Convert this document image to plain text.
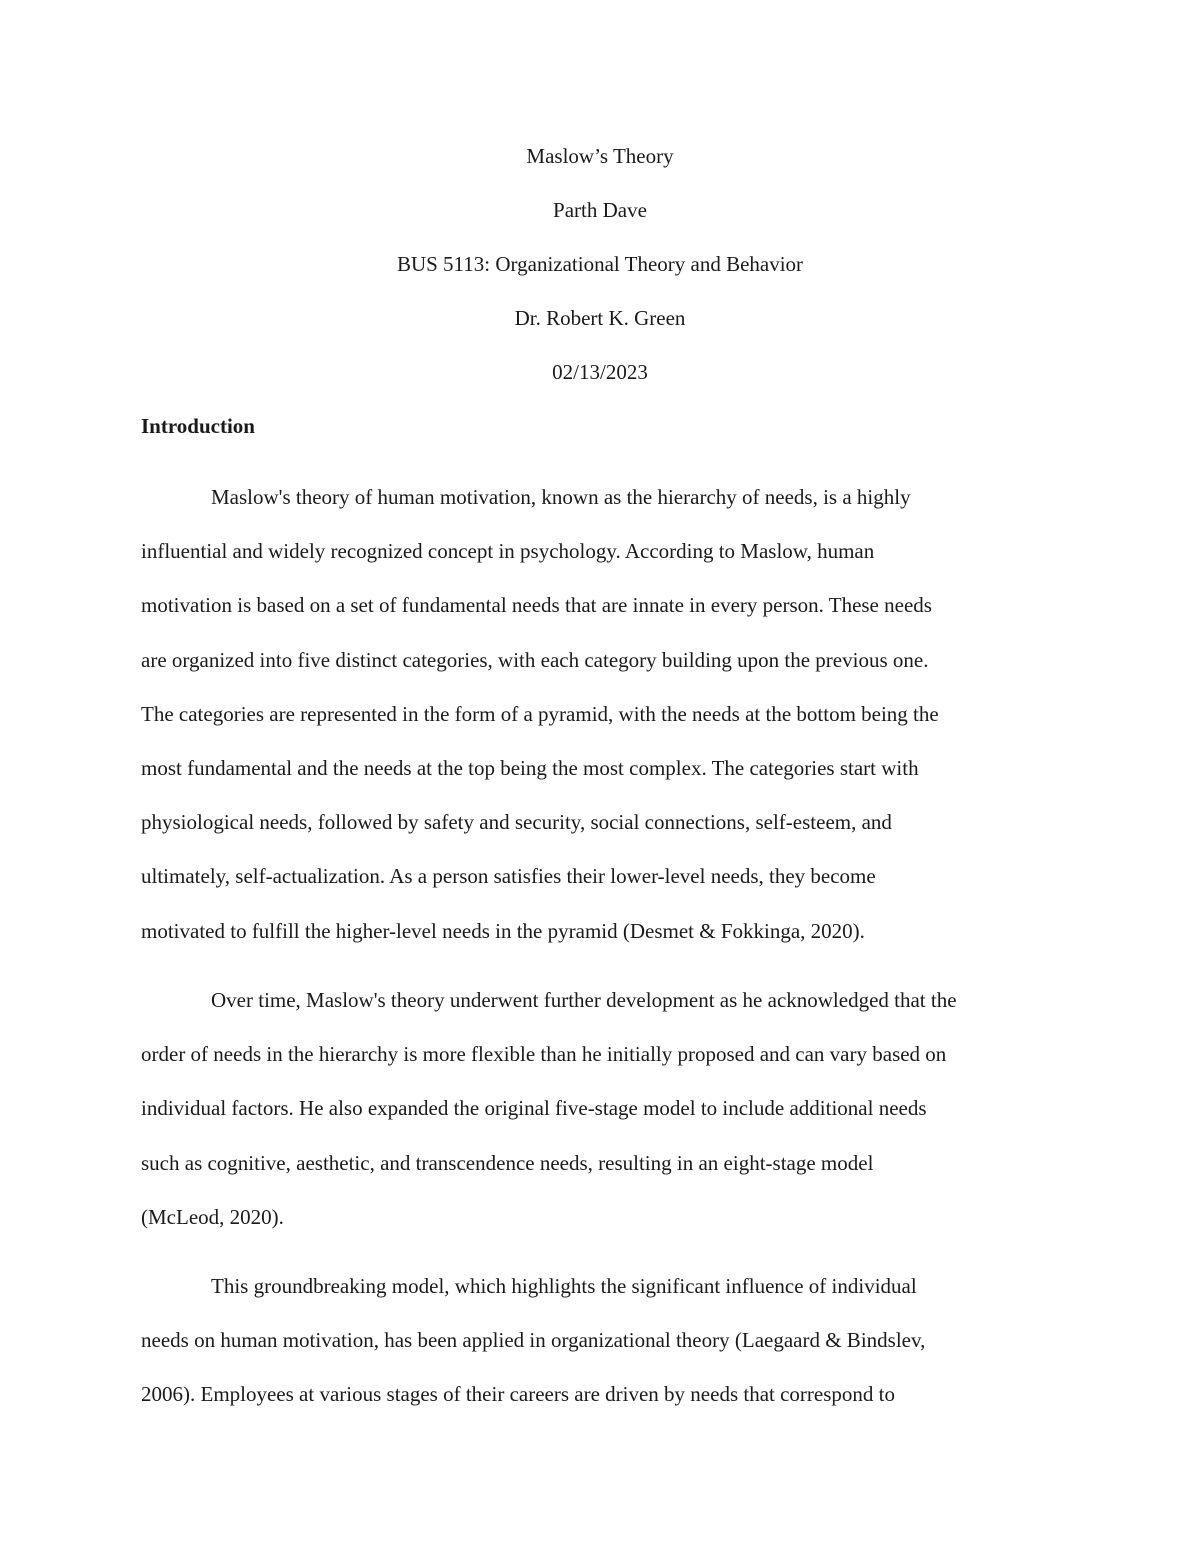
Maslow’s Theory

Parth Dave

BUS 5113: Organizational Theory and Behavior

Dr. Robert K. Green

02/13/2023

Introduction
Maslow's theory of human motivation, known as the hierarchy of needs, is a highly
influential and widely recognized concept in psychology. According to Maslow, human
motivation is based on a set of fundamental needs that are innate in every person. These needs
are organized into five distinct categories, with each category building upon the previous one.
The categories are represented in the form of a pyramid, with the needs at the bottom being the
most fundamental and the needs at the top being the most complex. The categories start with
physiological needs, followed by safety and security, social connections, self-esteem, and
ultimately, self-actualization. As a person satisfies their lower-level needs, they become
motivated to fulfill the higher-level needs in the pyramid (Desmet & Fokkinga, 2020).
Over time, Maslow's theory underwent further development as he acknowledged that the
order of needs in the hierarchy is more flexible than he initially proposed and can vary based on
individual factors. He also expanded the original five-stage model to include additional needs
such as cognitive, aesthetic, and transcendence needs, resulting in an eight-stage model
(McLeod, 2020).
This groundbreaking model, which highlights the significant influence of individual
needs on human motivation, has been applied in organizational theory (Laegaard & Bindslev,
2006). Employees at various stages of their careers are driven by needs that correspond to
